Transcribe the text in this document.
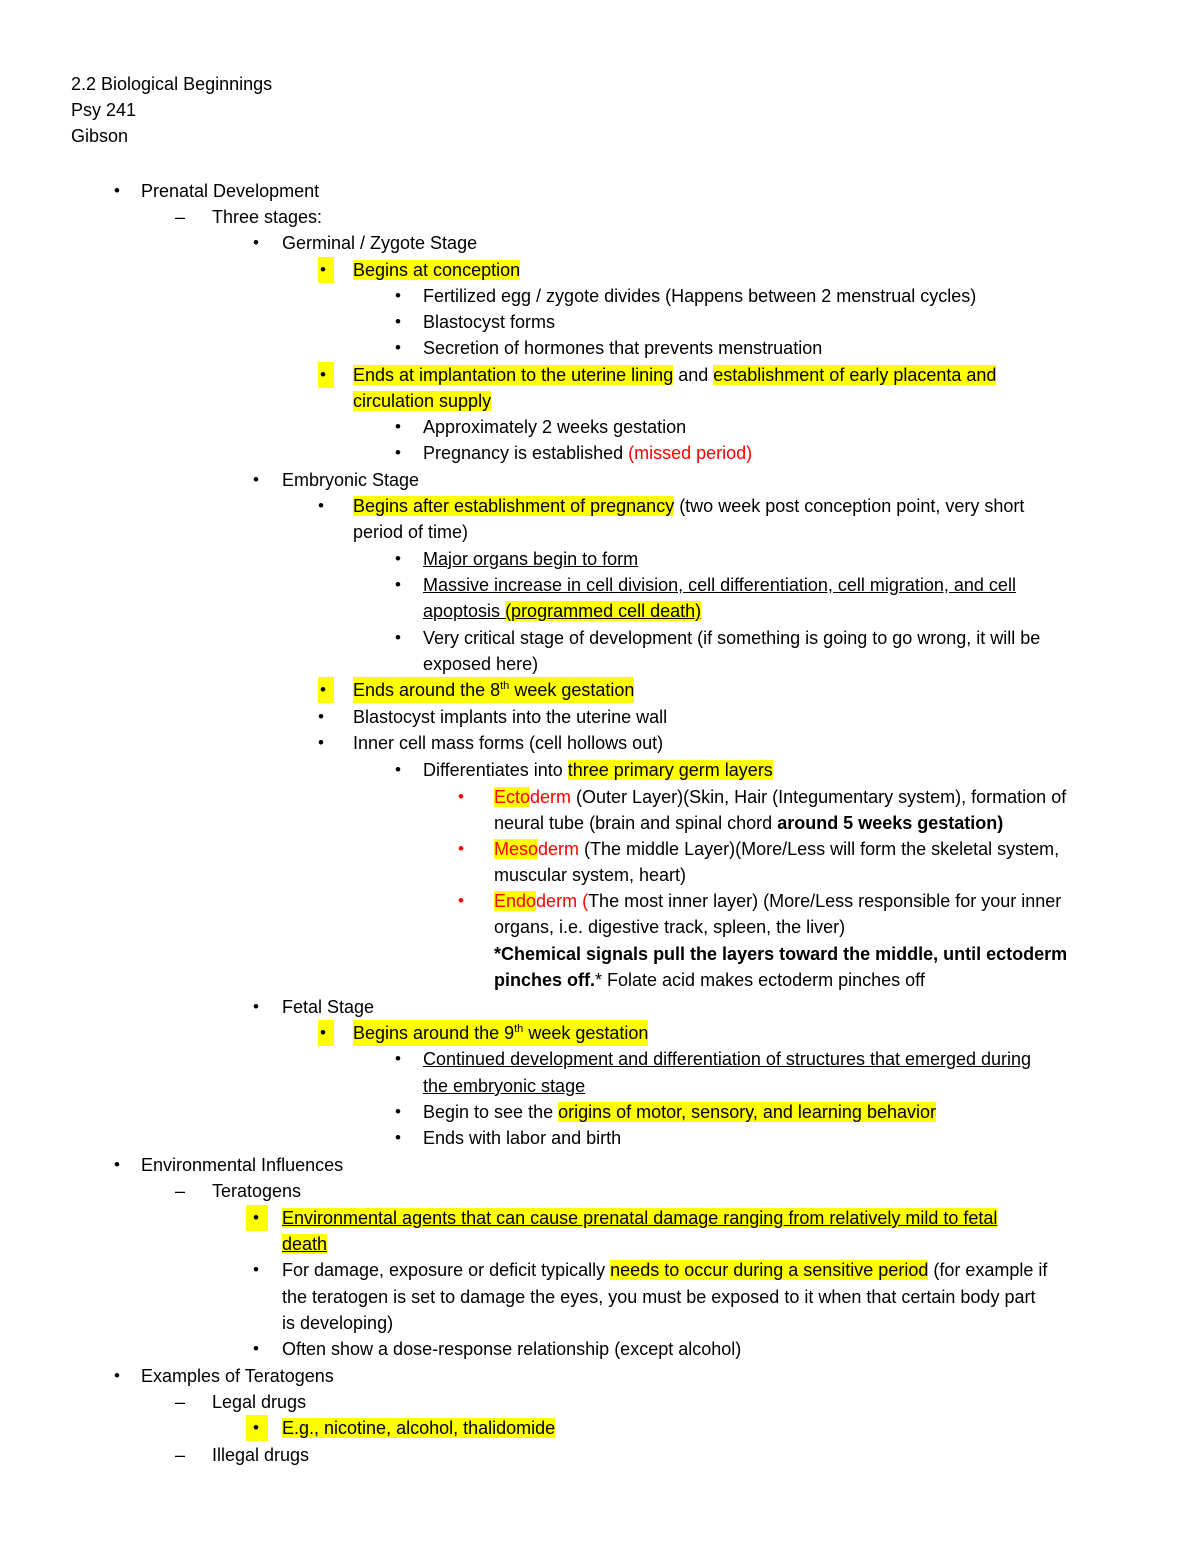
2.2 Biological Beginnings
Psy 241
Gibson
• Prenatal Development
– Three stages:
• Germinal / Zygote Stage
•	Begins at conception
• Fertilized egg / zygote divides (Happens between 2 menstrual cycles)
• Blastocyst forms
• Secretion of hormones that prevents menstruation
•	Ends at implantation to the uterine lining and establishment of early placenta and
circulation supply
• Approximately 2 weeks gestation
• Pregnancy is established (missed period)
• Embryonic Stage
• Begins after establishment of pregnancy (two week post conception point, very short
period of time)
• Major organs begin to form
• Massive increase in cell division, cell differentiation, cell migration, and cell
apoptosis (programmed cell death)
• Very critical stage of development (if something is going to go wrong, it will be
exposed here)
•	Ends around the 8th week gestation
• Blastocyst implants into the uterine wall
• Inner cell mass forms (cell hollows out)
• Differentiates into three primary germ layers
• Ectoderm (Outer Layer)(Skin, Hair (Integumentary system), formation of
neural tube (brain and spinal chord around 5 weeks gestation)
• Mesoderm (The middle Layer)(More/Less will form the skeletal system,
muscular system, heart)
• Endoderm (The most inner layer) (More/Less responsible for your inner
organs, i.e. digestive track, spleen, the liver)
*Chemical signals pull the layers toward the middle, until ectoderm
pinches off.* Folate acid makes ectoderm pinches off
• Fetal Stage
•	Begins around the 9th week gestation
• Continued development and differentiation of structures that emerged during
the embryonic stage
• Begin to see the origins of motor, sensory, and learning behavior
• Ends with labor and birth
• Environmental Influences
– Teratogens
•	Environmental agents that can cause prenatal damage ranging from relatively mild to fetal
death
• For damage, exposure or deficit typically needs to occur during a sensitive period (for example if
the teratogen is set to damage the eyes, you must be exposed to it when that certain body part
is developing)
• Often show a dose-response relationship (except alcohol)
• Examples of Teratogens
– Legal drugs
•	E.g., nicotine, alcohol, thalidomide
– Illegal drugs
